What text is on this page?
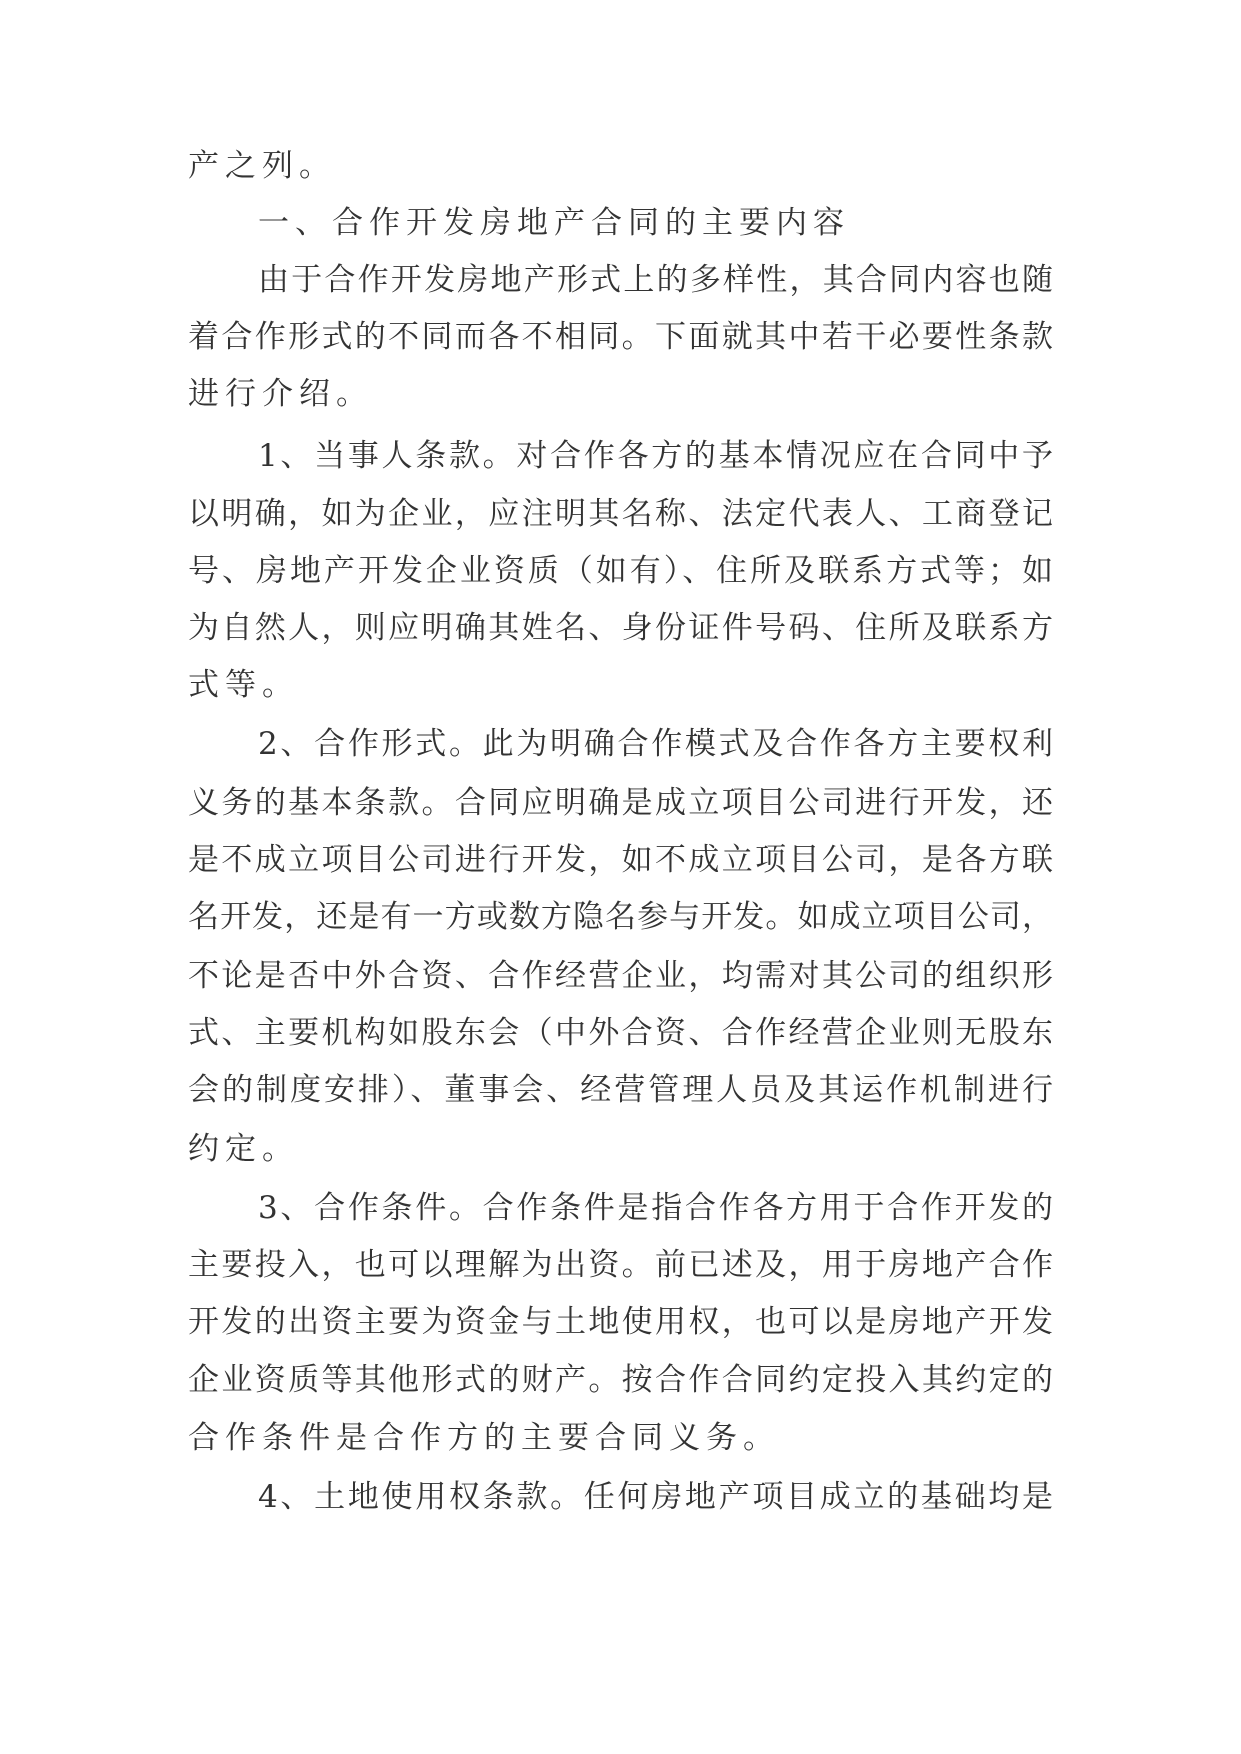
产之列。
一、合作开发房地产合同的主要内容
由于合作开发房地产形式上的多样性，其合同内容也随
着合作形式的不同而各不相同。下面就其中若干必要性条款
进行介绍。
1、当事人条款。对合作各方的基本情况应在合同中予
以明确，如为企业，应注明其名称、法定代表人、工商登记
号、房地产开发企业资质（如有）、住所及联系方式等；如
为自然人，则应明确其姓名、身份证件号码、住所及联系方
式等。
2、合作形式。此为明确合作模式及合作各方主要权利
义务的基本条款。合同应明确是成立项目公司进行开发，还
是不成立项目公司进行开发，如不成立项目公司，是各方联
名开发，还是有一方或数方隐名参与开发。如成立项目公司，
不论是否中外合资、合作经营企业，均需对其公司的组织形
式、主要机构如股东会（中外合资、合作经营企业则无股东
会的制度安排）、董事会、经营管理人员及其运作机制进行
约定。
3、合作条件。合作条件是指合作各方用于合作开发的
主要投入，也可以理解为出资。前已述及，用于房地产合作
开发的出资主要为资金与土地使用权，也可以是房地产开发
企业资质等其他形式的财产。按合作合同约定投入其约定的
合作条件是合作方的主要合同义务。
4、土地使用权条款。任何房地产项目成立的基础均是
